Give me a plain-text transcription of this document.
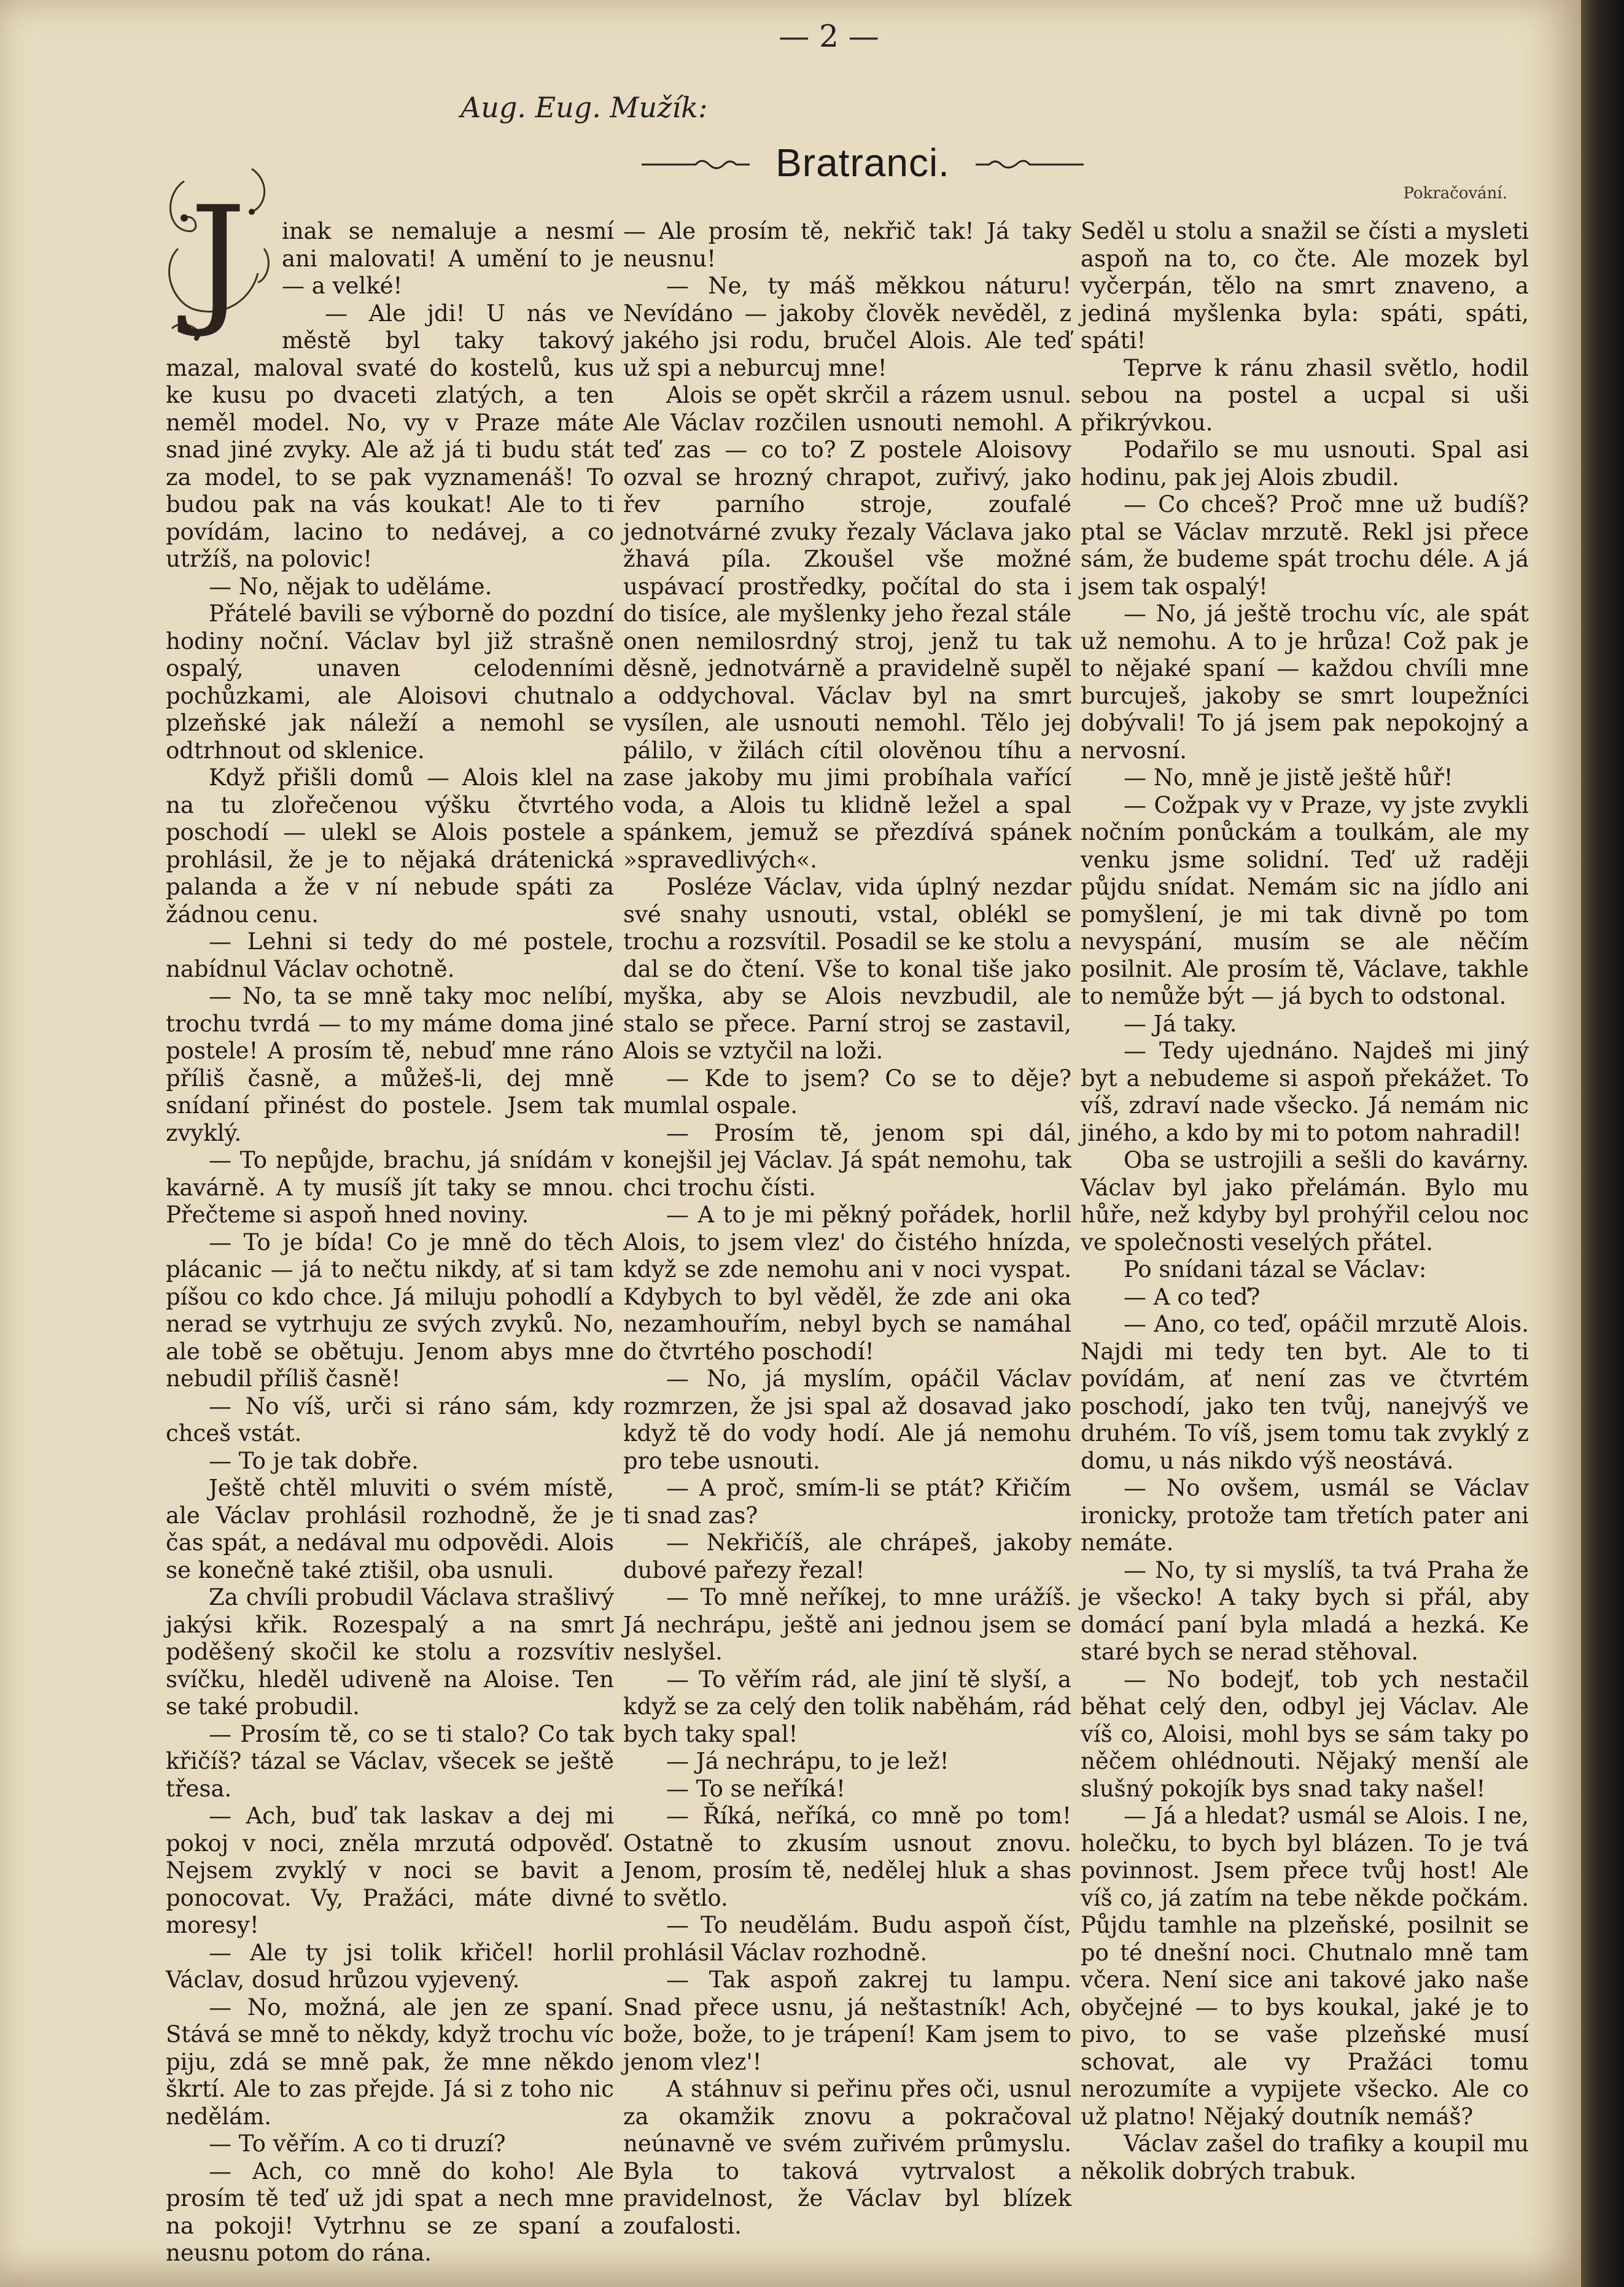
— 2 —
Aug. Eug. Mužík:
Bratranci.
Pokračování.

J inak se nemaluje a nesmí ani malovati! A umění to je — a velké!

— Ale jdi! U nás ve městě byl taky takový mazal, maloval svaté do kostelů, kus ke kusu po dvaceti zlatých, a ten neměl model. No, vy v Praze máte snad jiné zvyky. Ale až já ti budu stát za model, to se pak vyznamenáš! To budou pak na vás koukat! Ale to ti povídám, lacino to nedávej, a co utržíš, na polovic!

— No, nějak to uděláme.

Přátelé bavili se výborně do pozdní hodiny noční. Václav byl již strašně ospalý, unaven celodenními pochůzkami, ale Aloisovi chutnalo plzeňské jak náleží a nemohl se odtrhnout od sklenice.

Když přišli domů — Alois klel na na tu zlořečenou výšku čtvrtého poschodí — ulekl se Alois postele a prohlásil, že je to nějaká drátenická palanda a že v ní nebude spáti za žádnou cenu.

— Lehni si tedy do mé postele, nabídnul Václav ochotně.

— No, ta se mně taky moc nelíbí, trochu tvrdá — to my máme doma jiné postele! A prosím tě, nebuď mne ráno příliš časně, a můžeš-li, dej mně snídaní přinést do postele. Jsem tak zvyklý.

— To nepůjde, brachu, já snídám v kavárně. A ty musíš jít taky se mnou. Přečteme si aspoň hned noviny.

— To je bída! Co je mně do těch plácanic — já to nečtu nikdy, ať si tam píšou co kdo chce. Já miluju pohodlí a nerad se vytrhuju ze svých zvyků. No, ale tobě se obětuju. Jenom abys mne nebudil příliš časně!

— No víš, urči si ráno sám, kdy chceš vstát.

— To je tak dobře.

Ještě chtěl mluviti o svém místě, ale Václav prohlásil rozhodně, že je čas spát, a nedával mu odpovědi. Alois se konečně také ztišil, oba usnuli.

Za chvíli probudil Václava strašlivý jakýsi křik. Rozespalý a na smrt poděšený skočil ke stolu a rozsvítiv svíčku, hleděl udiveně na Aloise. Ten se také probudil.

— Prosím tě, co se ti stalo? Co tak křičíš? tázal se Václav, všecek se ještě třesa.

— Ach, buď tak laskav a dej mi pokoj v noci, zněla mrzutá odpověď. Nejsem zvyklý v noci se bavit a ponocovat. Vy, Pražáci, máte divné moresy!

— Ale ty jsi tolik křičel! horlil Václav, dosud hrůzou vyjevený.

— No, možná, ale jen ze spaní. Stává se mně to někdy, když trochu víc piju, zdá se mně pak, že mne někdo škrtí. Ale to zas přejde. Já si z toho nic nedělám.

— To věřím. A co ti druzí?

— Ach, co mně do koho! Ale prosím tě teď už jdi spat a nech mne na pokoji! Vytrhnu se ze spaní a neusnu potom do rána.

— Ale prosím tě, nekřič tak! Já taky neusnu!

— Ne, ty máš měkkou náturu! Nevídáno — jakoby člověk nevěděl, z jakého jsi rodu, bručel Alois. Ale teď už spi a neburcuj mne!

Alois se opět skrčil a rázem usnul. Ale Václav rozčilen usnouti nemohl. A teď zas — co to? Z postele Aloisovy ozval se hrozný chrapot, zuřivý, jako řev parního stroje, zoufalé jednotvárné zvuky řezaly Václava jako žhavá píla. Zkoušel vše možné uspávací prostředky, počítal do sta i do tisíce, ale myšlenky jeho řezal stále onen nemilosrdný stroj, jenž tu tak děsně, jednotvárně a pravidelně supěl a oddychoval. Václav byl na smrt vysílen, ale usnouti nemohl. Tělo jej pálilo, v žilách cítil olověnou tíhu a zase jakoby mu jimi probíhala vařící voda, a Alois tu klidně ležel a spal spánkem, jemuž se přezdívá spánek »spravedlivých«.

Posléze Václav, vida úplný nezdar své snahy usnouti, vstal, oblékl se trochu a rozsvítil. Posadil se ke stolu a dal se do čtení. Vše to konal tiše jako myška, aby se Alois nevzbudil, ale stalo se přece. Parní stroj se zastavil, Alois se vztyčil na loži.

— Kde to jsem? Co se to děje? mumlal ospale.

— Prosím tě, jenom spi dál, konejšil jej Václav. Já spát nemohu, tak chci trochu čísti.

— A to je mi pěkný pořádek, horlil Alois, to jsem vlez' do čistého hnízda, když se zde nemohu ani v noci vyspat. Kdybych to byl věděl, že zde ani oka nezamhouřím, nebyl bych se namáhal do čtvrtého poschodí!

— No, já myslím, opáčil Václav rozmrzen, že jsi spal až dosavad jako když tě do vody hodí. Ale já nemohu pro tebe usnouti.

— A proč, smím-li se ptát? Křičím ti snad zas?

— Nekřičíš, ale chrápeš, jakoby dubové pařezy řezal!

— To mně neříkej, to mne urážíš. Já nechrápu, ještě ani jednou jsem se neslyšel.

— To věřím rád, ale jiní tě slyší, a když se za celý den tolik naběhám, rád bych taky spal!

— Já nechrápu, to je lež!

— To se neříká!

— Říká, neříká, co mně po tom! Ostatně to zkusím usnout znovu. Jenom, prosím tě, nedělej hluk a shas to světlo.

— To neudělám. Budu aspoň číst, prohlásil Václav rozhodně.

— Tak aspoň zakrej tu lampu. Snad přece usnu, já neštastník! Ach, bože, bože, to je trápení! Kam jsem to jenom vlez'!

A stáhnuv si peřinu přes oči, usnul za okamžik znovu a pokračoval neúnavně ve svém zuřivém průmyslu. Byla to taková vytrvalost a pravidelnost, že Václav byl blízek zoufalosti.

Seděl u stolu a snažil se čísti a mysleti aspoň na to, co čte. Ale mozek byl vyčerpán, tělo na smrt znaveno, a jediná myšlenka byla: spáti, spáti, spáti!

Teprve k ránu zhasil světlo, hodil sebou na postel a ucpal si uši přikrývkou.

Podařilo se mu usnouti. Spal asi hodinu, pak jej Alois zbudil.

— Co chceš? Proč mne už budíš? ptal se Václav mrzutě. Rekl jsi přece sám, že budeme spát trochu déle. A já jsem tak ospalý!

— No, já ještě trochu víc, ale spát už nemohu. A to je hrůza! Což pak je to nějaké spaní — každou chvíli mne burcuješ, jakoby se smrt loupežníci dobývali! To já jsem pak nepokojný a nervosní.

— No, mně je jistě ještě hůř!

— Cožpak vy v Praze, vy jste zvykli nočním ponůckám a toulkám, ale my venku jsme solidní. Teď už raději půjdu snídat. Nemám sic na jídlo ani pomyšlení, je mi tak divně po tom nevyspání, musím se ale něčím posilnit. Ale prosím tě, Václave, takhle to nemůže být — já bych to odstonal.

— Já taky.

— Tedy ujednáno. Najdeš mi jiný byt a nebudeme si aspoň překážet. To víš, zdraví nade všecko. Já nemám nic jiného, a kdo by mi to potom nahradil!

Oba se ustrojili a sešli do kavárny. Václav byl jako přelámán. Bylo mu hůře, než kdyby byl prohýřil celou noc ve společnosti veselých přátel.

Po snídani tázal se Václav:

— A co teď?

— Ano, co teď, opáčil mrzutě Alois. Najdi mi tedy ten byt. Ale to ti povídám, ať není zas ve čtvrtém poschodí, jako ten tvůj, nanejvýš ve druhém. To víš, jsem tomu tak zvyklý z domu, u nás nikdo výš neostává.

— No ovšem, usmál se Václav ironicky, protože tam třetích pater ani nemáte.

— No, ty si myslíš, ta tvá Praha že je všecko! A taky bych si přál, aby domácí paní byla mladá a hezká. Ke staré bych se nerad stěhoval.

— No bodejť, tob ych nestačil běhat celý den, odbyl jej Václav. Ale víš co, Aloisi, mohl bys se sám taky po něčem ohlédnouti. Nějaký menší ale slušný pokojík bys snad taky našel!

— Já a hledat? usmál se Alois. I ne, holečku, to bych byl blázen. To je tvá povinnost. Jsem přece tvůj host! Ale víš co, já zatím na tebe někde počkám. Půjdu tamhle na plzeňské, posilnit se po té dnešní noci. Chutnalo mně tam včera. Není sice ani takové jako naše obyčejné — to bys koukal, jaké je to pivo, to se vaše plzeňské musí schovat, ale vy Pražáci tomu nerozumíte a vypijete všecko. Ale co už platno! Nějaký doutník nemáš?

Václav zašel do trafiky a koupil mu několik dobrých trabuk.
